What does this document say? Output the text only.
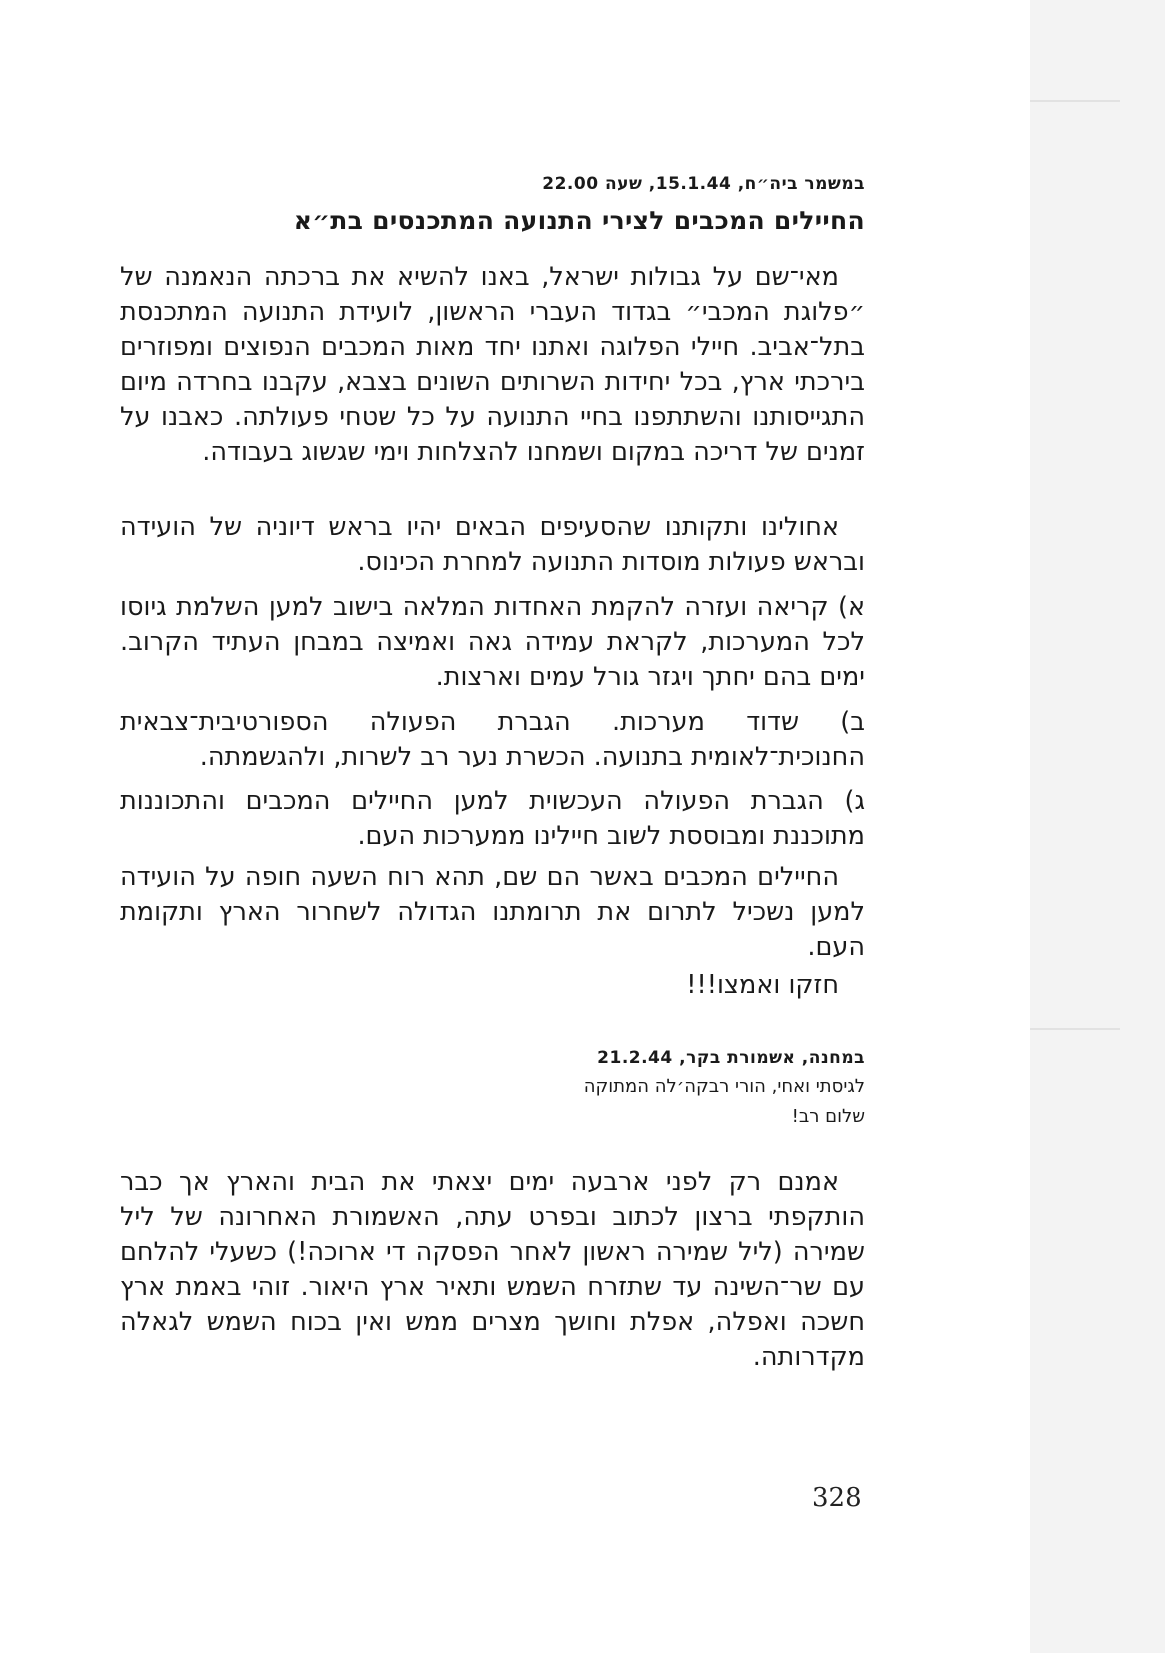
במשמר ביה״ח, 15.1.44, שעה 22.00
החיילים המכבים לצירי התנועה המתכנסים בת״א
מאי־שם על גבולות ישראל, באנו להשיא את ברכתה הנאמנה של ״פלוגת המכבי״ בגדוד העברי הראשון, לועידת התנועה המתכנסת בתל־אביב. חיילי הפלוגה ואתנו יחד מאות המכבים הנפוצים ומפוזרים בירכתי ארץ, בכל יחידות השרותים השונים בצבא, עקבנו בחרדה מיום התגייסותנו והשתתפנו בחיי התנועה על כל שטחי פעולתה. כאבנו על זמנים של דריכה במקום ושמחנו להצלחות וימי שגשוג בעבודה.
אחולינו ותקותנו שהסעיפים הבאים יהיו בראש דיוניה של הועידה ובראש פעולות מוסדות התנועה למחרת הכינוס.
א) קריאה ועזרה להקמת האחדות המלאה בישוב למען השלמת גיוסו לכל המערכות, לקראת עמידה גאה ואמיצה במבחן העתיד הקרוב. ימים בהם יחתך ויגזר גורל עמים וארצות.
ב) שדוד מערכות. הגברת הפעולה הספורטיבית־צבאית החנוכית־לאומית בתנועה. הכשרת נער רב לשרות, ולהגשמתה.
ג) הגברת הפעולה העכשוית למען החיילים המכבים והתכוננות מתוכננת ומבוססת לשוב חיילינו ממערכות העם.
החיילים המכבים באשר הם שם, תהא רוח השעה חופה על הועידה למען נשכיל לתרום את תרומתנו הגדולה לשחרור הארץ ותקומת העם.
חזקו ואמצו!!!
במחנה, אשמורת בקר, 21.2.44
לגיסתי ואחי, הורי רבקה׳לה המתוקה
שלום רב!
אמנם רק לפני ארבעה ימים יצאתי את הבית והארץ אך כבר הותקפתי ברצון לכתוב ובפרט עתה, האשמורת האחרונה של ליל שמירה (ליל שמירה ראשון לאחר הפסקה די ארוכה!) כשעלי להלחם עם שר־השינה עד שתזרח השמש ותאיר ארץ היאור. זוהי באמת ארץ חשכה ואפלה, אפלת וחושך מצרים ממש ואין בכוח השמש לגאלה מקדרותה.
328
